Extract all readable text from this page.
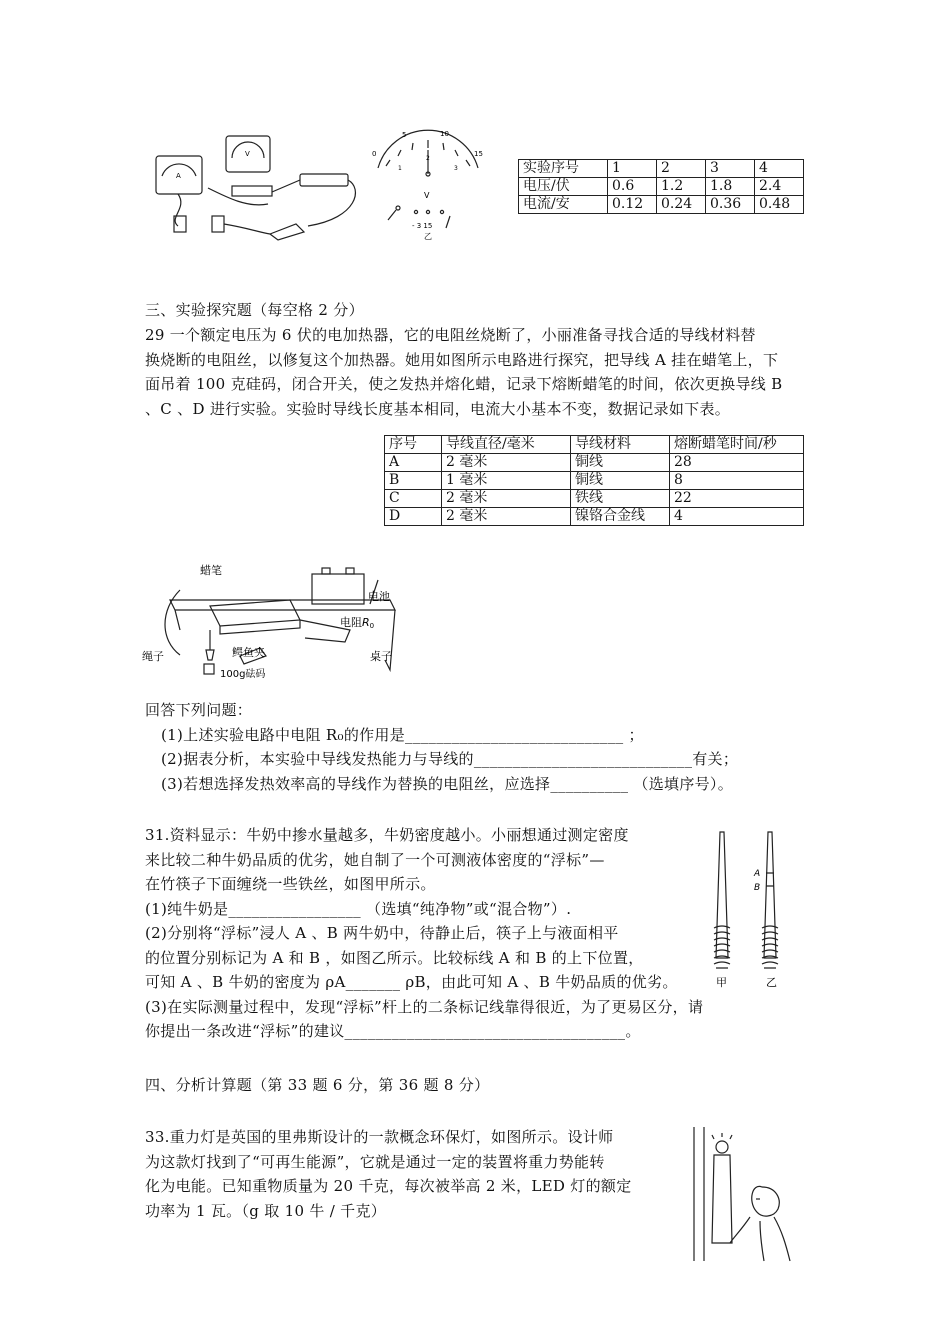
A
V	0
5	10
15
1
2
3
V
- 3 15
乙
实验序号	1	2	3	4
电压/伏	0.6	1.2	1.8	2.4
电流/安	0.12	0.24	0.36	0.48
三、实验探究题（每空格 2 分）
29 一个额定电压为 6 伏的电加热器，它的电阻丝烧断了，小丽准备寻找合适的导线材料替
换烧断的电阻丝，以修复这个加热器。她用如图所示电路进行探究，把导线 A 挂在蜡笔上，下
面吊着 100 克硅码，闭合开关，使之发热并熔化蜡，记录下熔断蜡笔的时间，依次更换导线 B
、C 、D 进行实验。实验时导线长度基本相同，电流大小基本不变，数据记录如下表。
序号	导线直径/毫米	导线材料	熔断蜡笔时间/秒
A	2 毫米	铜线	28
B	1 毫米	铜线	8
C	2 毫米	铁线	22
D	2 毫米	镍铬合金线	4
蜡笔
电池
电阻R0
绳子	鳄鱼夹
100g砝码
桌子
回答下列问题：
(1)上述实验电路中电阻 R₀的作用是____________________________ ；
(2)据表分析，本实验中导线发热能力与导线的____________________________有关；
(3)若想选择发热效率高的导线作为替换的电阻丝，应选择__________ （选填序号）。
31.资料显示：牛奶中掺水量越多，牛奶密度越小。小丽想通过测定密度
来比较二种牛奶品质的优劣，她自制了一个可测液体密度的“浮标”—
在竹筷子下面缠绕一些铁丝，如图甲所示。
(1)纯牛奶是_________________ （选填“纯净物”或“混合物”）.
(2)分别将“浮标”浸人 A 、B 两牛奶中，待静止后，筷子上与液面相平
的位置分别标记为 A 和 B ，如图乙所示。比较标线 A 和 B 的上下位置，
可知 A 、B 牛奶的密度为 ρA_______ ρB，由此可知 A 、B 牛奶品质的优劣。
(3)在实际测量过程中，发现“浮标”杆上的二条标记线靠得很近，为了更易区分，请
你提出一条改进“浮标”的建议____________________________________。
A
B
甲	乙
四、分析计算题（第 33 题 6 分，第 36 题 8 分）
33.重力灯是英国的里弗斯设计的一款概念环保灯，如图所示。设计师
为这款灯找到了“可再生能源”，它就是通过一定的装置将重力势能转
化为电能。已知重物质量为 20 千克，每次被举高 2 米，LED 灯的额定
功率为 1 瓦。（g 取 10 牛 / 千克）
